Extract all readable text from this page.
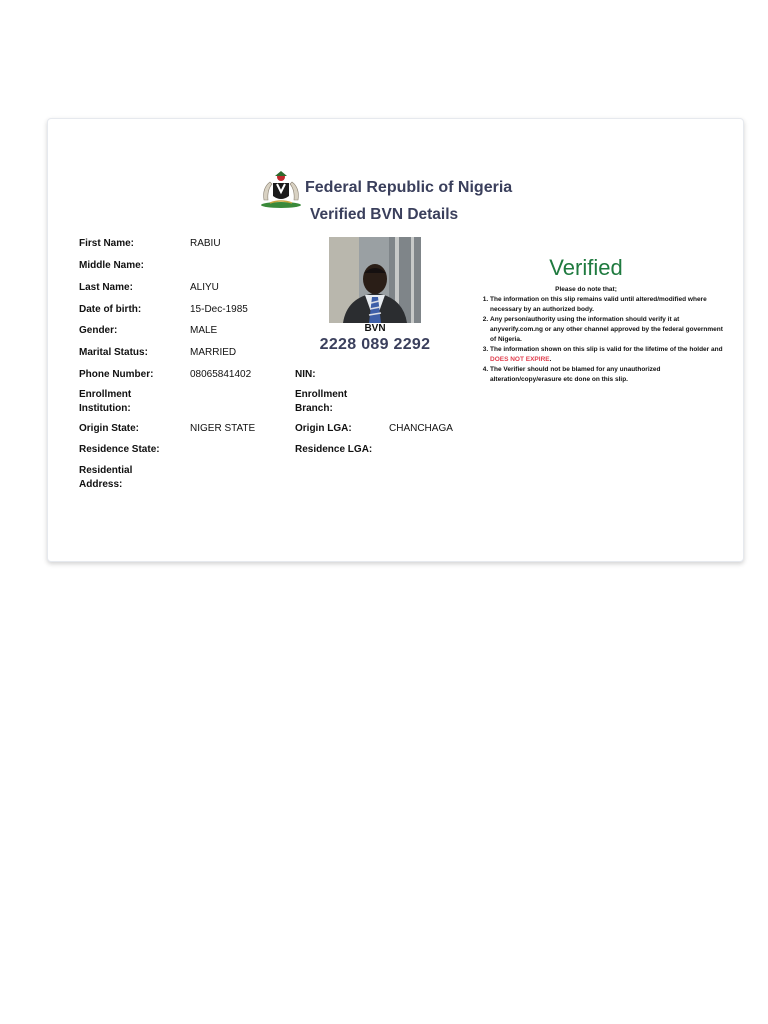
Federal Republic of Nigeria
Verified BVN Details
First Name:	RABIU
Middle Name:
Last Name:	ALIYU
Date of birth:	15-Dec-1985
Gender:	MALE
Marital Status:	MARRIED
Phone Number:	08065841402	NIN:
Enrollment
Institution:
Enrollment
Branch:
Origin State:	NIGER STATE	Origin LGA:	CHANCHAGA
Residence State:	Residence LGA:
Residential
Address:
BVN
2228 089 2292
Verified
Please do note that;
1. The information on this slip remains valid until altered/modified where necessary by an authorized body.
2. Any person/authority using the information should verify it at anyverify.com.ng or any other channel approved by the federal government of Nigeria.
3. The information shown on this slip is valid for the lifetime of the holder and DOES NOT EXPIRE.
4. The Verifier should not be blamed for any unauthorized alteration/copy/erasure etc done on this slip.
